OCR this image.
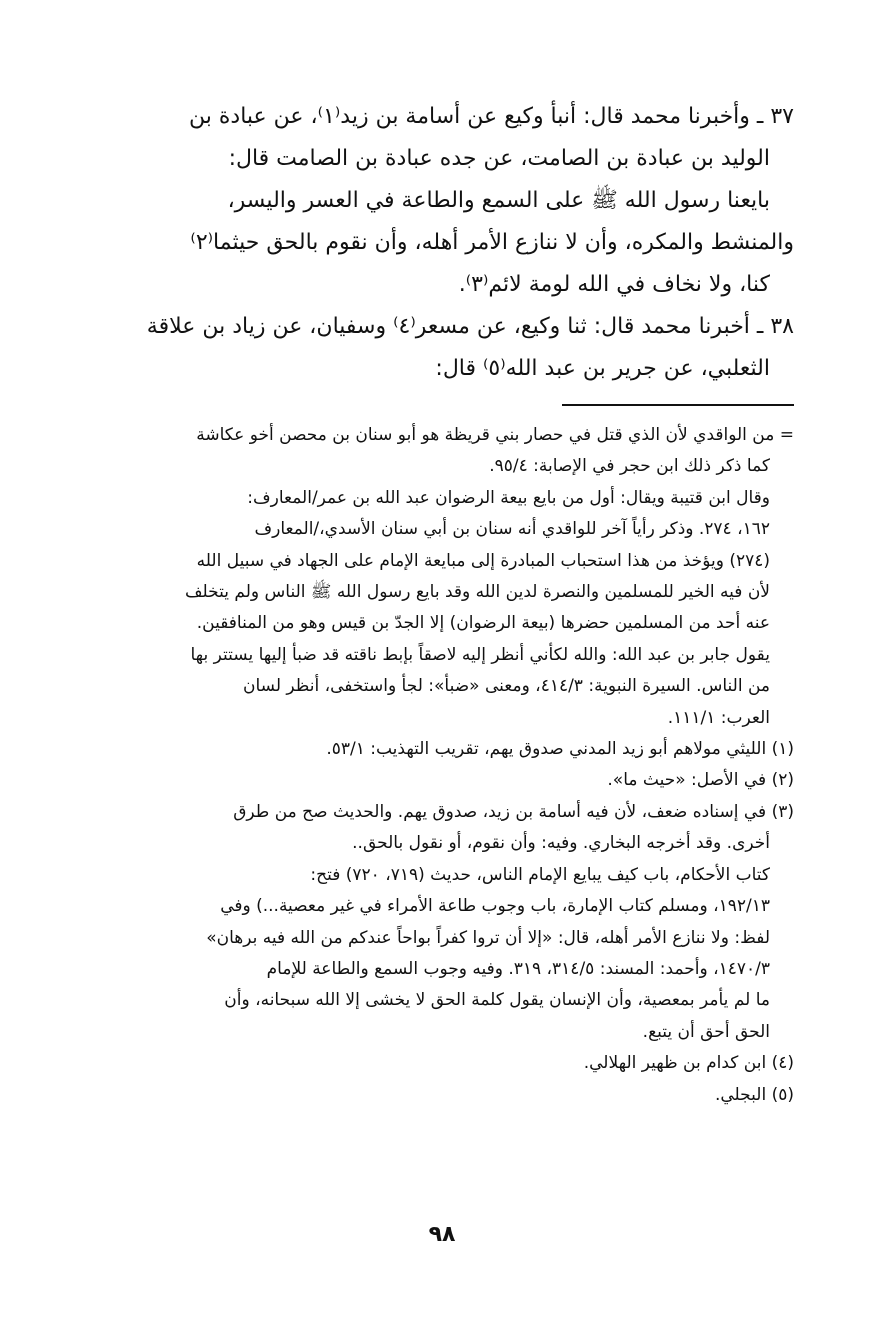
٣٧ ـ وأخبرنا محمد قال: أنبأ وكيع عن أسامة بن زيد⁽١⁾، عن عبادة بن
الوليد بن عبادة بن الصامت، عن جده عبادة بن الصامت قال:
بايعنا رسول الله ﷺ على السمع والطاعة في العسر واليسر،
والمنشط والمكره، وأن لا ننازع الأمر أهله، وأن نقوم بالحق حيثما⁽٢⁾
كنا، ولا نخاف في الله لومة لائم⁽٣⁾.
٣٨ ـ أخبرنا محمد قال: ثنا وكيع، عن مسعر⁽٤⁾ وسفيان، عن زياد بن علاقة
الثعلبي، عن جرير بن عبد الله⁽٥⁾ قال:
= من الواقدي لأن الذي قتل في حصار بني قريظة هو أبو سنان بن محصن أخو عكاشة
كما ذكر ذلك ابن حجر في الإصابة: ٩٥/٤.
وقال ابن قتيبة ويقال: أول من بايع بيعة الرضوان عبد الله بن عمر/المعارف:
١٦٢، ٢٧٤. وذكر رأياً آخر للواقدي أنه سنان بن أبي سنان الأسدي،/المعارف
(٢٧٤) ويؤخذ من هذا استحباب المبادرة إلى مبايعة الإمام على الجهاد في سبيل الله
لأن فيه الخير للمسلمين والنصرة لدين الله وقد بايع رسول الله ﷺ الناس ولم يتخلف
عنه أحد من المسلمين حضرها (بيعة الرضوان) إلا الجدّ بن قيس وهو من المنافقين.
يقول جابر بن عبد الله: والله لكأني أنظر إليه لاصقاً بإبط ناقته قد ضبأ إليها يستتر بها
من الناس. السيرة النبوية: ٤١٤/٣، ومعنى «ضبأ»: لجأ واستخفى، أنظر لسان
العرب: ١١١/١.
(١) الليثي مولاهم أبو زيد المدني صدوق يهم، تقريب التهذيب: ٥٣/١.
(٢) في الأصل: «حيث ما».
(٣) في إسناده ضعف، لأن فيه أسامة بن زيد، صدوق يهم. والحديث صح من طرق
أخرى. وقد أخرجه البخاري. وفيه: وأن نقوم، أو نقول بالحق..
كتاب الأحكام، باب كيف يبايع الإمام الناس، حديث (٧١٩، ٧٢٠) فتح:
١٩٢/١٣، ومسلم كتاب الإمارة، باب وجوب طاعة الأمراء في غير معصية...) وفي
لفظ: ولا ننازع الأمر أهله، قال: «إلا أن تروا كفراً بواحاً عندكم من الله فيه برهان»
١٤٧٠/٣، وأحمد: المسند: ٣١٤/٥، ٣١٩. وفيه وجوب السمع والطاعة للإمام
ما لم يأمر بمعصية، وأن الإنسان يقول كلمة الحق لا يخشى إلا الله سبحانه، وأن
الحق أحق أن يتبع.
(٤) ابن كدام بن ظهير الهلالي.
(٥) البجلي.
٩٨
